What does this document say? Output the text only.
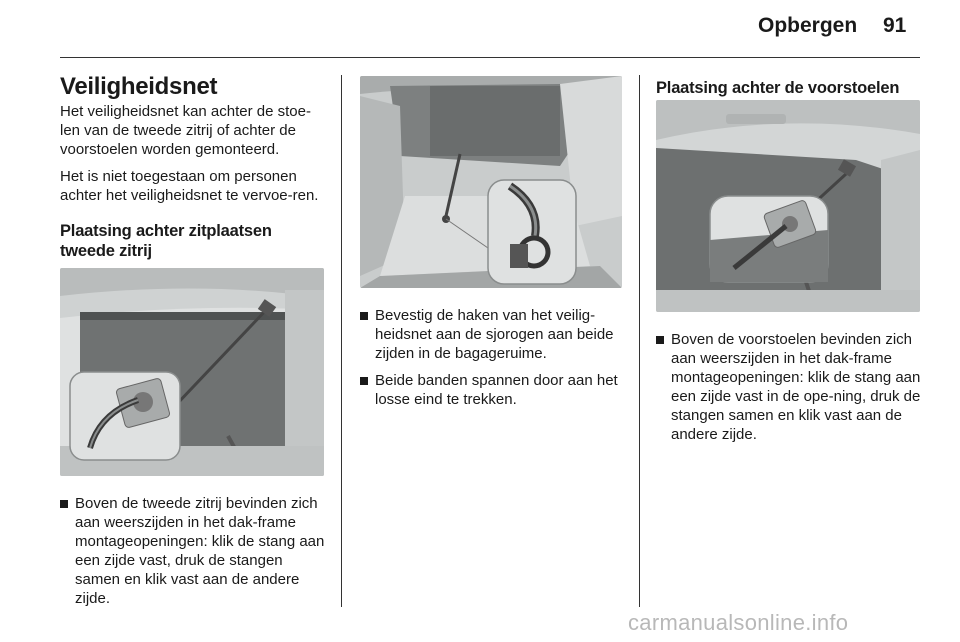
Opbergen 91
Veiligheidsnet

Het veiligheidsnet kan achter de stoe-len van de tweede zitrij of achter de voorstoelen worden gemonteerd.

Het is niet toegestaan om personen achter het veiligheidsnet te vervoe-ren.

Plaatsing achter zitplaatsen
tweede zitrij
Boven de tweede zitrij bevinden zich aan weerszijden in het dak-frame montageopeningen: klik de stang aan een zijde vast, druk de stangen samen en klik vast aan de andere zijde.
Bevestig de haken van het veilig-heidsnet aan de sjorogen aan beide zijden in de bagageruime.
Beide banden spannen door aan het losse eind te trekken.
Plaatsing achter de voorstoelen
Boven de voorstoelen bevinden zich aan weerszijden in het dak-frame montageopeningen: klik de stang aan een zijde vast in de ope-ning, druk de stangen samen en klik vast aan de andere zijde.
carmanualsonline.info
